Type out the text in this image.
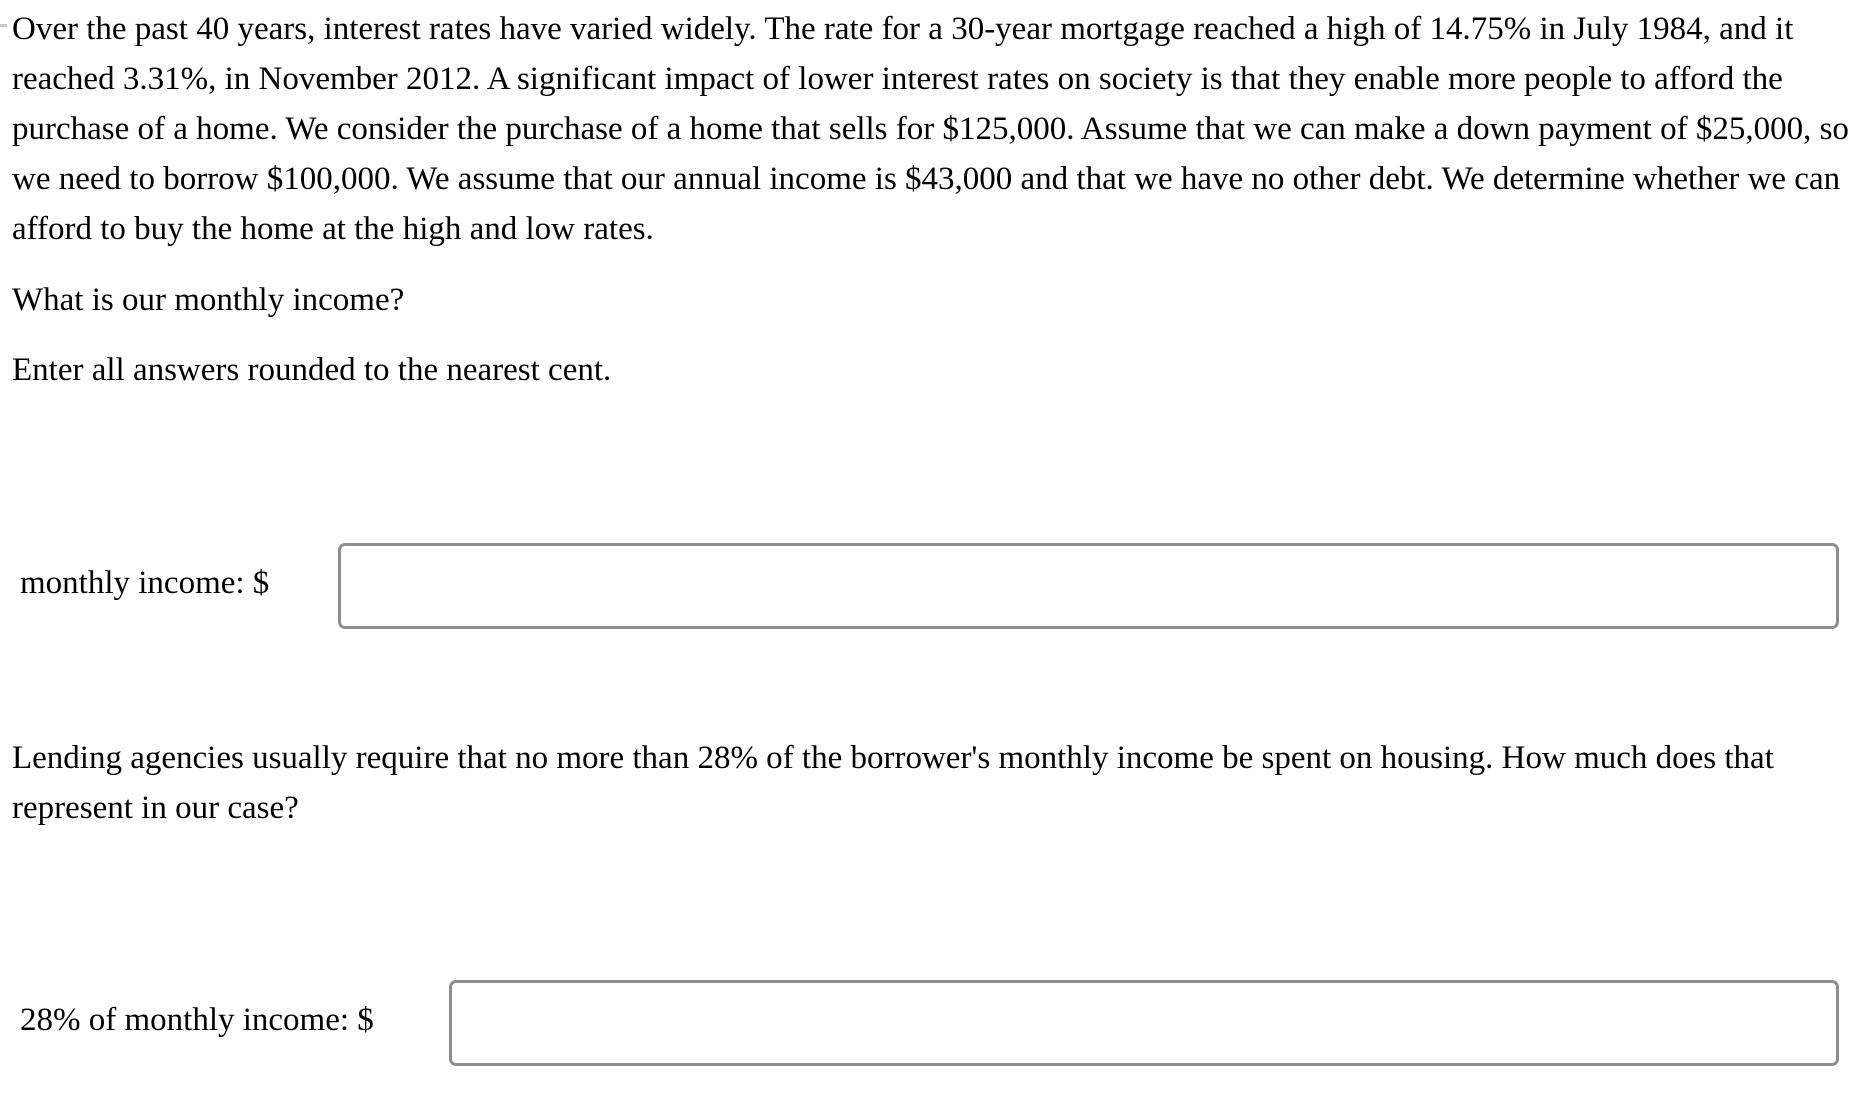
Over the past 40 years, interest rates have varied widely. The rate for a 30-year mortgage reached a high of 14.75% in July 1984, and it reached 3.31%, in November 2012. A significant impact of lower interest rates on society is that they enable more people to afford the purchase of a home. We consider the purchase of a home that sells for $125,000. Assume that we can make a down payment of $25,000, so we need to borrow $100,000. We assume that our annual income is $43,000 and that we have no other debt. We determine whether we can afford to buy the home at the high and low rates.

What is our monthly income?

Enter all answers rounded to the nearest cent.

monthly income: $

Lending agencies usually require that no more than 28% of the borrower's monthly income be spent on housing. How much does that represent in our case?

28% of monthly income: $
